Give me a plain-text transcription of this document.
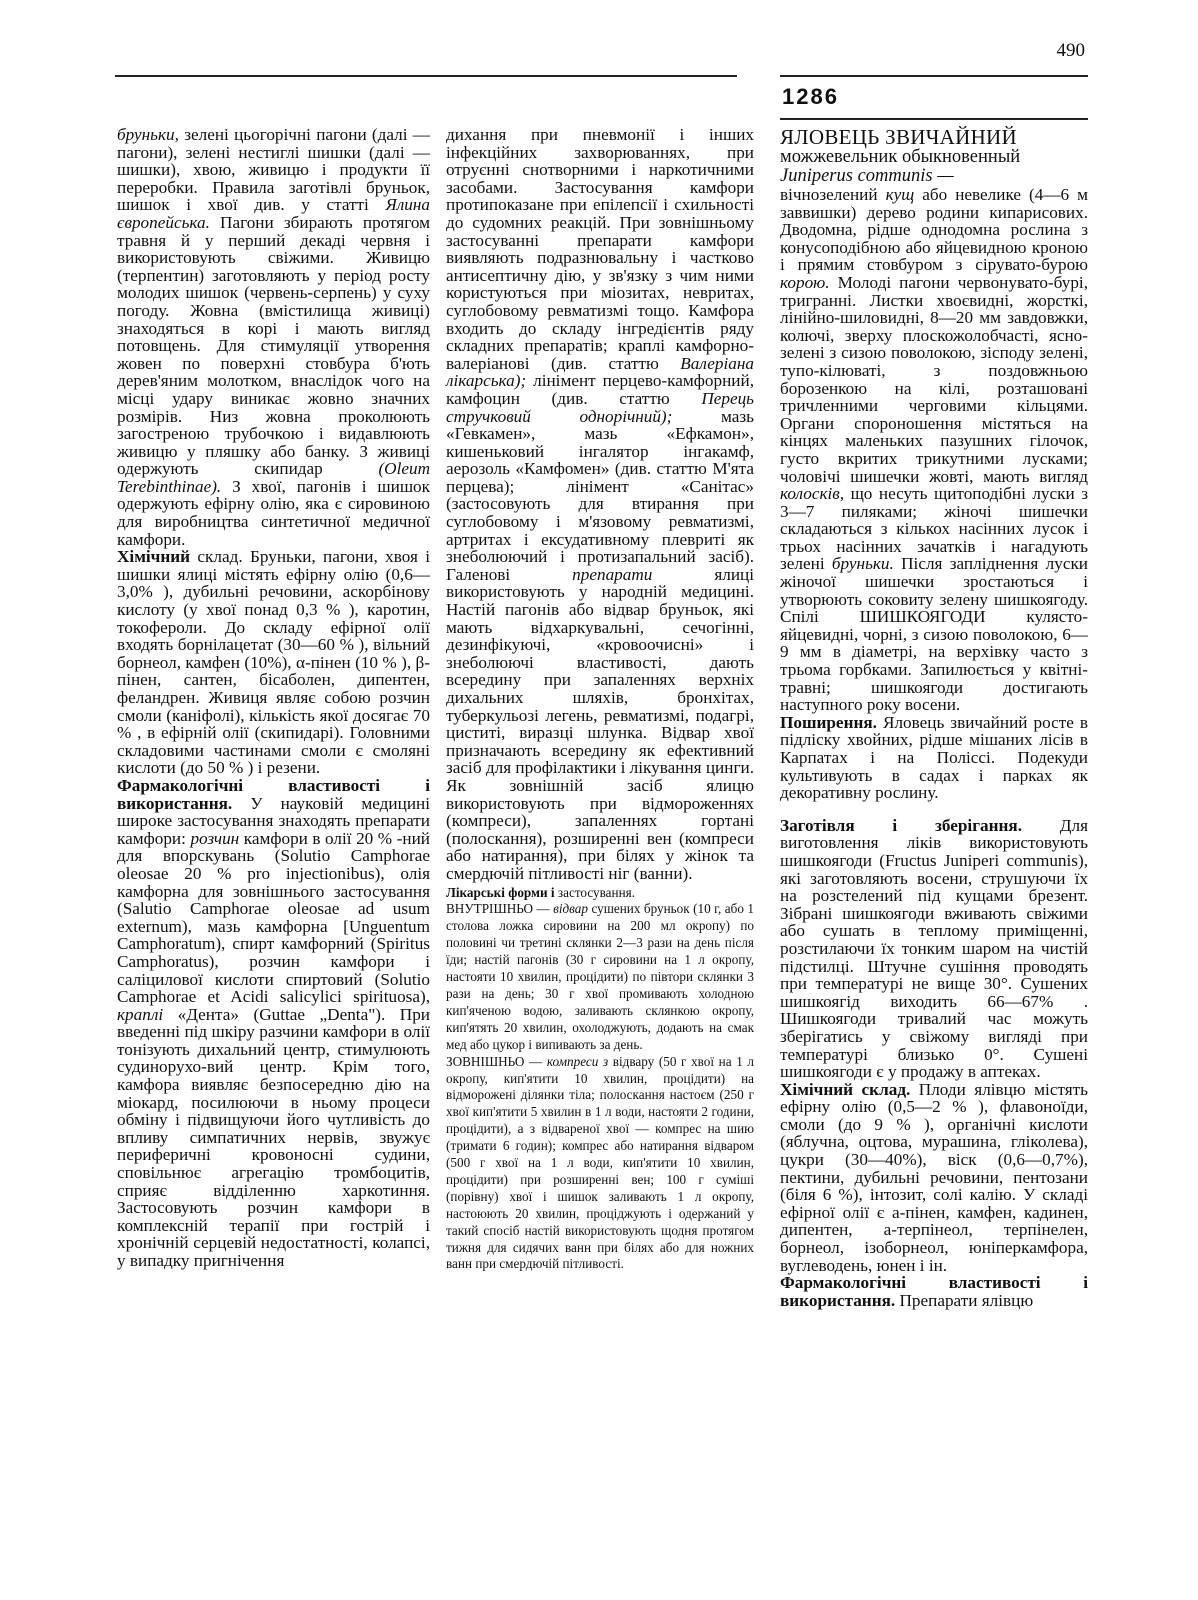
490
1286

бруньки, зелені цьогорічні пагони (далі — пагони), зелені нестиглі шишки (далі — шишки), хвою, живицю і продукти її переробки. Правила заготівлі бруньок, шишок і хвої див. у статті Ялина європейська. Пагони збирають протягом травня й у перший декаді червня і використовують свіжими. Живицю (терпентин) заготовляють у період росту молодих шишок (червень-серпень) у суху погоду. Жовна (вмістилища живиці) знаходяться в корі і мають вигляд потовщень. Для стимуляції утворення жовен по поверхні стовбура б'ють дерев'яним молотком, внаслідок чого на місці удару виникає жовно значних розмірів. Низ жовна проколюють загостреною трубочкою і видавлюють живицю у пляшку або банку. З живиці одержують скипидар (Oleum Terebinthinae). З хвої, пагонів і шишок одержують ефірну олію, яка є сировиною для виробництва синтетичної медичної камфори.

Хімічний склад. Бруньки, пагони, хвоя і шишки ялиці містять ефірну олію (0,6—3,0% ), дубильні речовини, аскорбінову кислоту (у хвої понад 0,3 % ), каротин, токофероли. До складу ефірної олії входять борнілацетат (30—60 % ), вільний борнеол, камфен (10%), α-пінен (10 % ), β-пінен, сантен, бісаболен, дипентен, феландрен. Живиця являє собою розчин смоли (каніфолі), кількість якої досягає 70 % , в ефірній олії (скипидарі). Головними складовими частинами смоли є смоляні кислоти (до 50 % ) і резени.

Фармакологічні властивості і використання. У науковій медицині широке застосування знаходять препарати камфори: розчин камфори в олії 20 % -ний для впорскувань (Solutio Camphorae oleosae 20 % pro injectionibus), олія камфорна для зовнішнього застосування (Salutio Camphorae oleosae ad usum externum), мазь камфорна [Unguentum Camphoratum), спирт камфорний (Spiritus Camphoratus), розчин камфори і саліцилової кислоти спиртовий (Solutio Camphorae et Acidi salicylici spirituosa), краплі «Дента» (Guttae „Denta"). При введенні під шкіру разчини камфори в олії тонізують дихальний центр, стимулюють судинорухо-вий центр. Крім того, камфора виявляє безпосередню дію на міокард, посилюючи в ньому процеси обміну і підвищуючи його чутливість до впливу симпатичних нервів, звужує периферичні кровоносні судини, сповільнює агрегацію тромбоцитів, сприяє відділенню харкотиння. Застосовують розчин камфори в комплексній терапії при гострій і хронічній серцевій недостатності, колапсі, у випадку пригнічення

дихання при пневмонії і інших інфекційних захворюваннях, при отруєнні снотворними і наркотичними засобами. Застосування камфори протипоказане при епілепсії і схильності до судомних реакцій. При зовнішньому застосуванні препарати камфори виявляють подразнювальну і частково антисептичну дію, у зв'язку з чим ними користуються при міозитах, невритах, суглобовому ревматизмі тощо. Камфора входить до складу інгредієнтів ряду складних препаратів; краплі камфорно-валеріанові (див. статтю Валеріана лікарська); лінімент перцево-камфорний, камфоцин (див. статтю Перець стручковий однорічний); мазь «Гевкамен», мазь «Ефкамон», кишеньковий інгалятор інгакамф, аерозоль «Камфомен» (див. статтю М'ята перцева); лінімент «Санітас» (застосовують для втирання при суглобовому і м'язовому ревматизмі, артритах і ексудативному плевриті як знеболюючий і протизапальний засіб). Галенові препарати ялиці використовують у народній медицині. Настій пагонів або відвар бруньок, які мають відхаркувальні, сечогінні, дезинфікуючі, «кровоочисні» і знеболюючі властивості, дають всередину при запаленнях верхніх дихальних шляхів, бронхітах, туберкульозі легень, ревматизмі, подагрі, циститі, виразці шлунка. Відвар хвої призначають всередину як ефективний засіб для профілактики і лікування цинги. Як зовнішній засіб ялицю використовують при відмороженнях (компреси), запаленнях гортані (полоскання), розширенні вен (компреси або натирання), при білях у жінок та смердючій пітливості ніг (ванни).

Лікарські форми і застосування.

ВНУТРІШНЬО — відвар сушених бруньок (10 г, або 1 столова ложка сировини на 200 мл окропу) по половині чи третині склянки 2—3 рази на день після їди; настій пагонів (30 г сировини на 1 л окропу, настояти 10 хвилин, процідити) по півтори склянки 3 рази на день; 30 г хвої промивають холодною кип'яченою водою, заливають склянкою окропу, кип'ятять 20 хвилин, охолоджують, додають на смак мед або цукор і випивають за день.

ЗОВНІШНЬО — компреси з відвару (50 г хвої на 1 л окропу, кип'ятити 10 хвилин, процідити) на відморожені ділянки тіла; полоскання настоєм (250 г хвої кип'ятити 5 хвилин в 1 л води, настояти 2 години, процідити), а з відвареної хвої — компрес на шию (тримати 6 годин); компрес або натирання відваром (500 г хвої на 1 л води, кип'ятити 10 хвилин, процідити) при розширенні вен; 100 г суміші (порівну) хвої і шишок заливають 1 л окропу, настоюють 20 хвилин, проціджують і одержаний у такий спосіб настій використовують щодня протягом тижня для сидячих ванн при білях або для ножних ванн при смердючій пітливості.

ЯЛОВЕЦЬ ЗВИЧАЙНИЙ
можжевельник обыкновенный
Juniperus communis —

вічнозелений кущ або невелике (4—6 м заввишки) дерево родини кипарисових. Дводомна, рідше однодомна рослина з конусоподібною або яйцевидною кроною і прямим стовбуром з сірувато-бурою корою. Молоді пагони червонувато-бурі, тригранні. Листки хвоєвидні, жорсткі, лінійно-шиловидні, 8—20 мм завдовжки, колючі, зверху плоскожолобчасті, ясно-зелені з сизою поволокою, зісподу зелені, тупо-кілюваті, з поздовжньою борозенкою на кілі, розташовані тричленними черговими кільцями. Органи спороношення містяться на кінцях маленьких пазушних гілочок, густо вкритих трикутними лусками; чоловічі шишечки жовті, мають вигляд колосків, що несуть щитоподібні луски з 3—7 пиляками; жіночі шишечки складаються з кількох насінних лусок і трьох насінних зачатків і нагадують зелені бруньки. Після запліднення луски жіночої шишечки зростаються і утворюють соковиту зелену шишкоягоду. Спілі ШИШКОЯГОДИ кулясто-яйцевидні, чорні, з сизою поволокою, 6—9 мм в діаметрі, на верхівку часто з трьома горбками. Запилюється у квітні-травні; шишкоягоди достигають наступного року восени.

Поширення. Яловець звичайний росте в підліску хвойних, рідше мішаних лісів в Карпатах і на Поліссі. Подекуди культивують в садах і парках як декоративну рослину.

Заготівля і зберігання. Для виготовлення ліків використовують шишкоягоди (Fructus Juniperi communis), які заготовляють восени, струшуючи їх на розстелений під кущами брезент. Зібрані шишкоягоди вживають свіжими або сушать в теплому приміщенні, розстилаючи їх тонким шаром на чистій підстилці. Штучне сушіння проводять при температурі не вище 30°. Сушених шишкоягід виходить 66—67% . Шишкоягоди тривалий час можуть зберігатись у свіжому вигляді при температурі близько 0°. Сушені шишкоягоди є у продажу в аптеках.

Хімічний склад. Плоди ялівцю містять ефірну олію (0,5—2 % ), флавоноїди, смоли (до 9 % ), органічні кислоти (яблучна, оцтова, мурашина, гліколева), цукри (30—40%), віск (0,6—0,7%), пектини, дубильні речовини, пентозани (біля 6 %), інтозит, солі калію. У складі ефірної олії є а-пінен, камфен, кадинен, дипентен, а-терпінеол, терпінелен, борнеол, ізоборнеол, юніперкамфора, вуглеводень, юнен і ін.

Фармакологічні властивості і використання. Препарати ялівцю
